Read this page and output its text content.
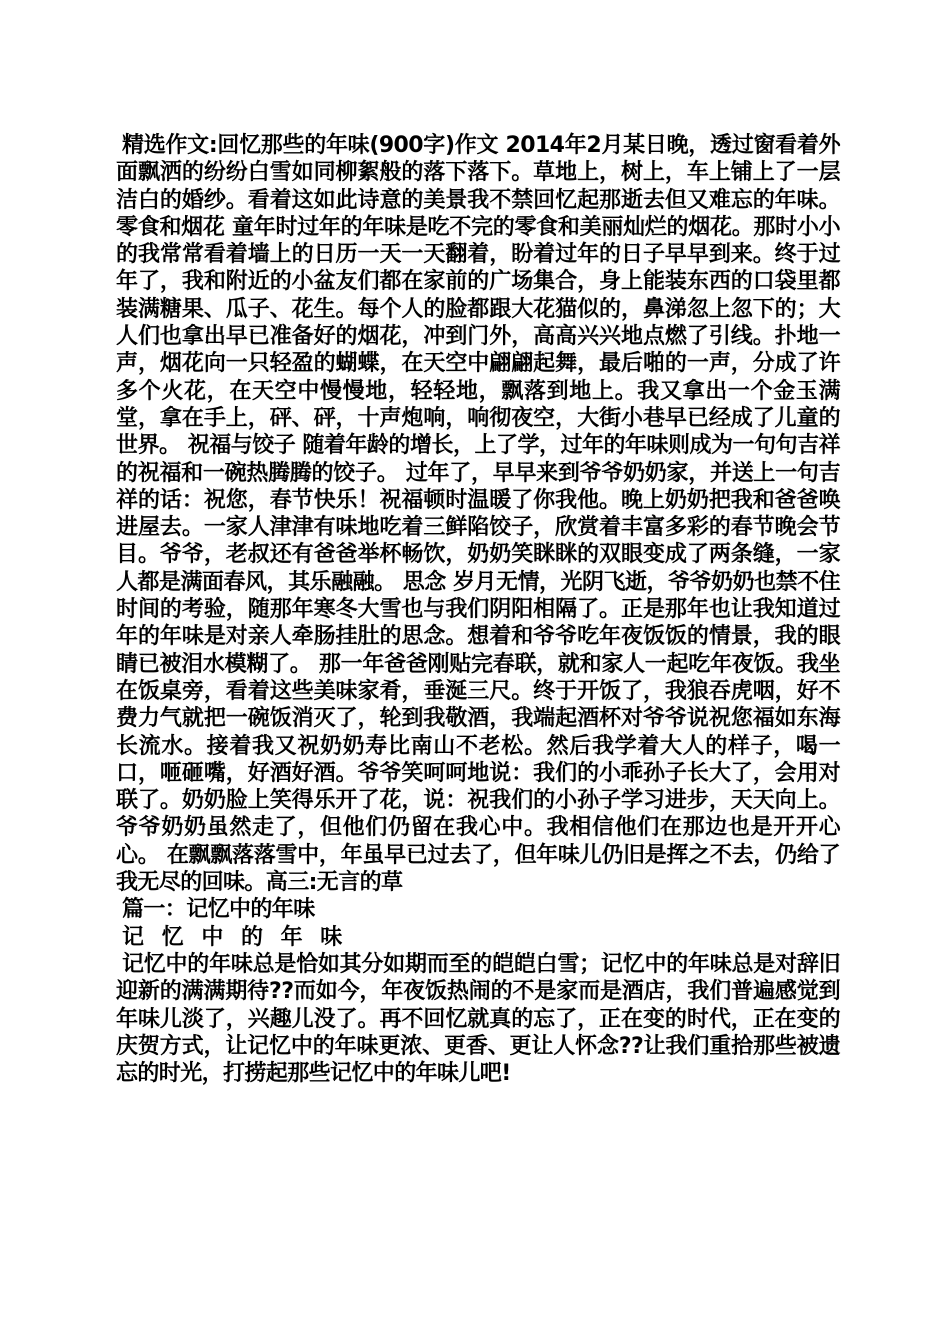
精选作文:回忆那些的年味(900字)作文 2014年2月某日晚，透过窗看着外面飘洒的纷纷白雪如同柳絮般的落下落下。草地上，树上，车上铺上了一层洁白的婚纱。看着这如此诗意的美景我不禁回忆起那逝去但又难忘的年味。 零食和烟花 童年时过年的年味是吃不完的零食和美丽灿烂的烟花。那时小小的我常常看着墙上的日历一天一天翻着，盼着过年的日子早早到来。终于过年了，我和附近的小盆友们都在家前的广场集合，身上能装东西的口袋里都装满糖果、瓜子、花生。每个人的脸都跟大花猫似的，鼻涕忽上忽下的；大人们也拿出早已准备好的烟花，冲到门外，高高兴兴地点燃了引线。扑地一声，烟花向一只轻盈的蝴蝶，在天空中翩翩起舞，最后啪的一声，分成了许多个火花，在天空中慢慢地，轻轻地，飘落到地上。我又拿出一个金玉满堂，拿在手上，砰、砰，十声炮响，响彻夜空，大街小巷早已经成了儿童的世界。 祝福与饺子 随着年龄的增长，上了学，过年的年味则成为一句句吉祥的祝福和一碗热腾腾的饺子。 过年了，早早来到爷爷奶奶家，并送上一句吉祥的话：祝您，春节快乐！祝福顿时温暖了你我他。晚上奶奶把我和爸爸唤进屋去。一家人津津有味地吃着三鲜陷饺子，欣赏着丰富多彩的春节晚会节目。爷爷，老叔还有爸爸举杯畅饮，奶奶笑眯眯的双眼变成了两条缝，一家人都是满面春风，其乐融融。 思念 岁月无情，光阴飞逝，爷爷奶奶也禁不住时间的考验，随那年寒冬大雪也与我们阴阳相隔了。正是那年也让我知道过年的年味是对亲人牵肠挂肚的思念。想着和爷爷吃年夜饭饭的情景，我的眼睛已被泪水模糊了。 那一年爸爸刚贴完春联，就和家人一起吃年夜饭。我坐在饭桌旁，看着这些美味家肴，垂涎三尺。终于开饭了，我狼吞虎咽，好不费力气就把一碗饭消灭了，轮到我敬酒，我端起酒杯对爷爷说祝您福如东海长流水。接着我又祝奶奶寿比南山不老松。然后我学着大人的样子，喝一口，咂砸嘴，好酒好酒。爷爷笑呵呵地说：我们的小乖孙子长大了，会用对联了。奶奶脸上笑得乐开了花，说：祝我们的小孙子学习进步，天天向上。爷爷奶奶虽然走了，但他们仍留在我心中。我相信他们在那边也是开开心心。 在飘飘落落雪中，年虽早已过去了，但年味儿仍旧是挥之不去，仍给了我无尽的回味。高三:无言的草

篇一：记忆中的年味

记 忆 中 的 年 味

记忆中的年味总是恰如其分如期而至的皑皑白雪；记忆中的年味总是对辞旧迎新的满满期待??而如今，年夜饭热闹的不是家而是酒店，我们普遍感觉到年味儿淡了，兴趣儿没了。再不回忆就真的忘了，正在变的时代，正在变的庆贺方式，让记忆中的年味更浓、更香、更让人怀念??让我们重拾那些被遗忘的时光，打捞起那些记忆中的年味儿吧!
